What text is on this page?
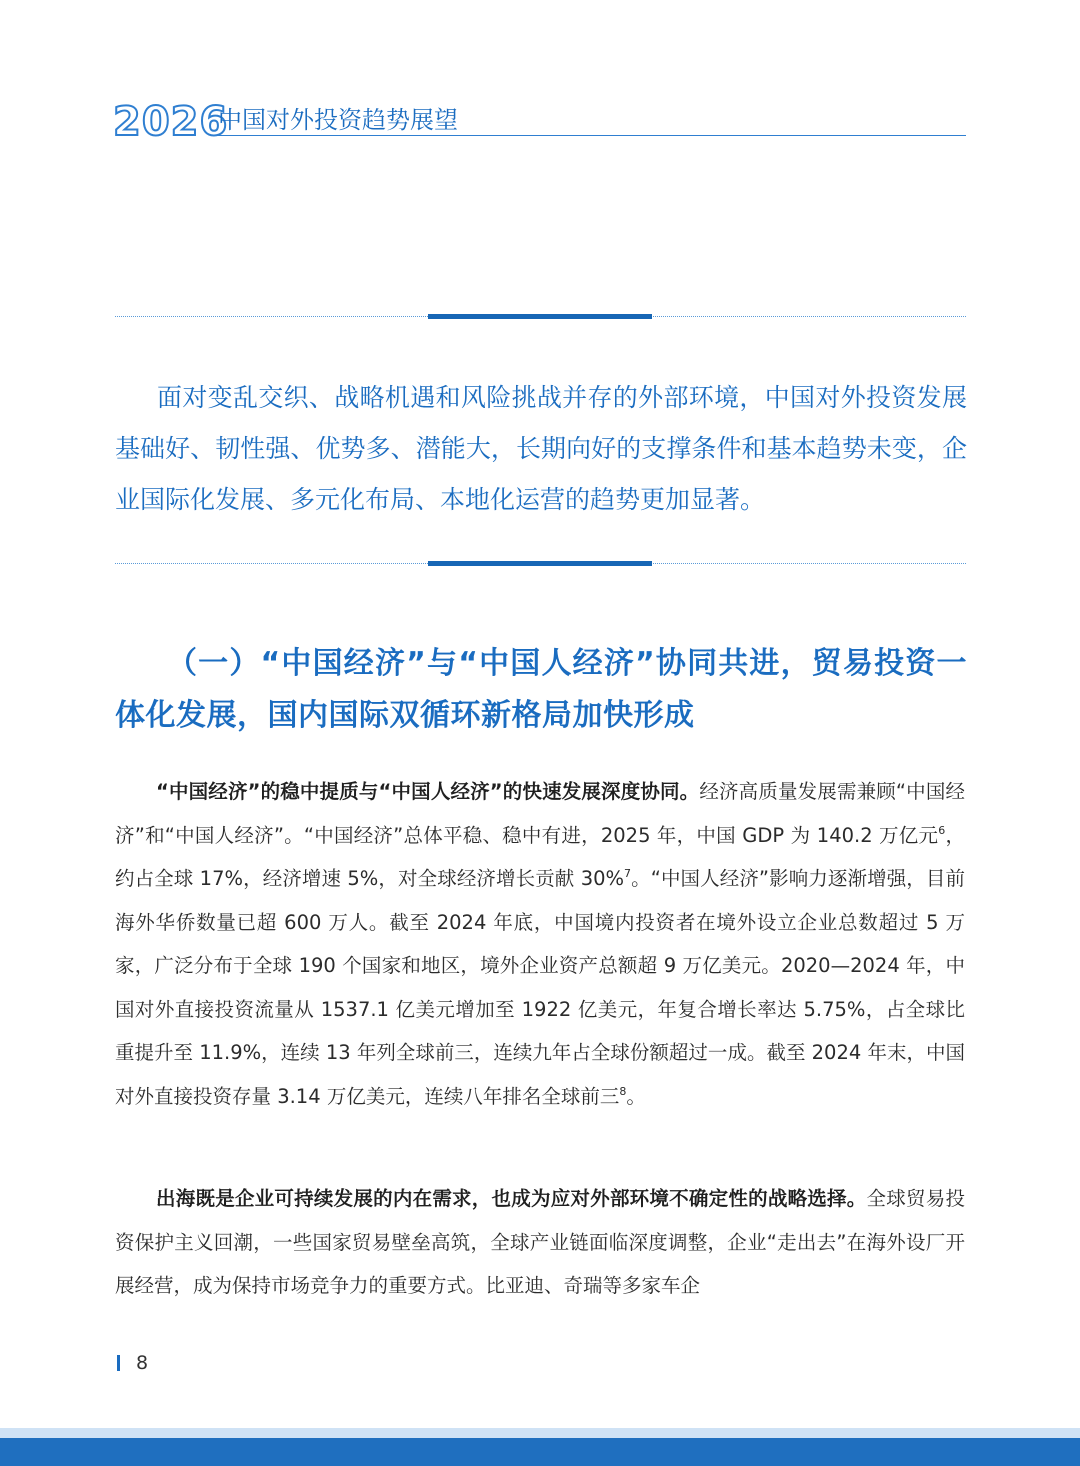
2026
中国对外投资趋势展望

面对变乱交织、战略机遇和风险挑战并存的外部环境，中国对外投资发展基础好、韧性强、优势多、潜能大，长期向好的支撑条件和基本趋势未变，企业国际化发展、多元化布局、本地化运营的趋势更加显著。

（一）“中国经济”与“中国人经济”协同共进，贸易投资一体化发展，国内国际双循环新格局加快形成

“中国经济”的稳中提质与“中国人经济”的快速发展深度协同。经济高质量发展需兼顾“中国经济”和“中国人经济”。“中国经济”总体平稳、稳中有进，2025 年，中国 GDP 为 140.2 万亿元$^6$，约占全球 17%，经济增速 5%，对全球经济增长贡献 30%$^7$。“中国人经济”影响力逐渐增强，目前海外华侨数量已超 600 万人。截至 2024 年底，中国境内投资者在境外设立企业总数超过 5 万家，广泛分布于全球 190 个国家和地区，境外企业资产总额超 9 万亿美元。2020—2024 年，中国对外直接投资流量从 1537.1 亿美元增加至 1922 亿美元，年复合增长率达 5.75%，占全球比重提升至 11.9%，连续 13 年列全球前三，连续九年占全球份额超过一成。截至 2024 年末，中国对外直接投资存量 3.14 万亿美元，连续八年排名全球前三$^8$。

出海既是企业可持续发展的内在需求，也成为应对外部环境不确定性的战略选择。全球贸易投资保护主义回潮，一些国家贸易壁垒高筑，全球产业链面临深度调整，企业“走出去”在海外设厂开展经营，成为保持市场竞争力的重要方式。比亚迪、奇瑞等多家车企

8
